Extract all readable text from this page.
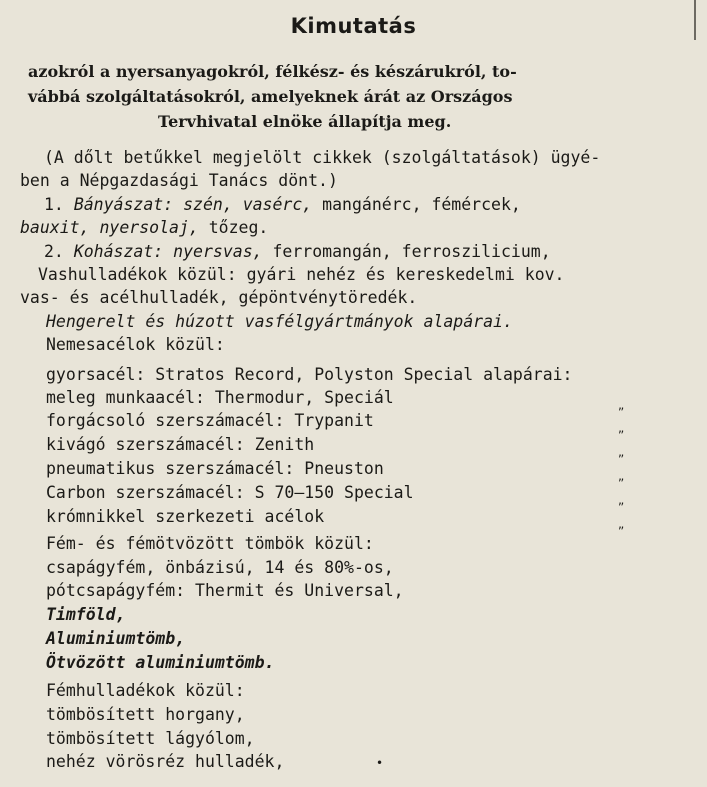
Kimutatás
azokról a nyersanyagokról, félkész- és készárukról, to-
vábbá szolgáltatásokról, amelyeknek árát az Országos
Tervhivatal elnöke állapítja meg.
(A dőlt betűkkel megjelölt cikkek (szolgáltatások) ügyé-
ben a Népgazdasági Tanács dönt.)
1. Bányászat: szén, vasérc, mangánérc, fémércek,
bauxit, nyersolaj, tőzeg.
2. Kohászat: nyersvas, ferromangán, ferroszilicium,
Vashulladékok közül: gyári nehéz és kereskedelmi kov.
vas- és acélhulladék, gépöntvénytöredék.
Hengerelt és húzott vasfélgyártmányok alapárai.
Nemesacélok közül:
gyorsacél: Stratos Record, Polyston Special alapárai:
meleg munkaacél: Thermodur, Speciál	„
forgácsoló szerszámacél: Trypanit	„
kivágó szerszámacél: Zenith	„
pneumatikus szerszámacél: Pneuston	„
Carbon szerszámacél: S 70—150 Special	„
krómnikkel szerkezeti acélok	„
Fém- és fémötvözött tömbök közül:
csapágyfém, önbázisú, 14 és 80%-os,
pótcsapágyfém: Thermit és Universal,
Timföld,
Aluminiumtömb,
Ötvözött aluminiumtömb.
Fémhulladékok közül:
tömbösített horgany,
tömbösített lágyólom,
nehéz vörösréz hulladék,	•
